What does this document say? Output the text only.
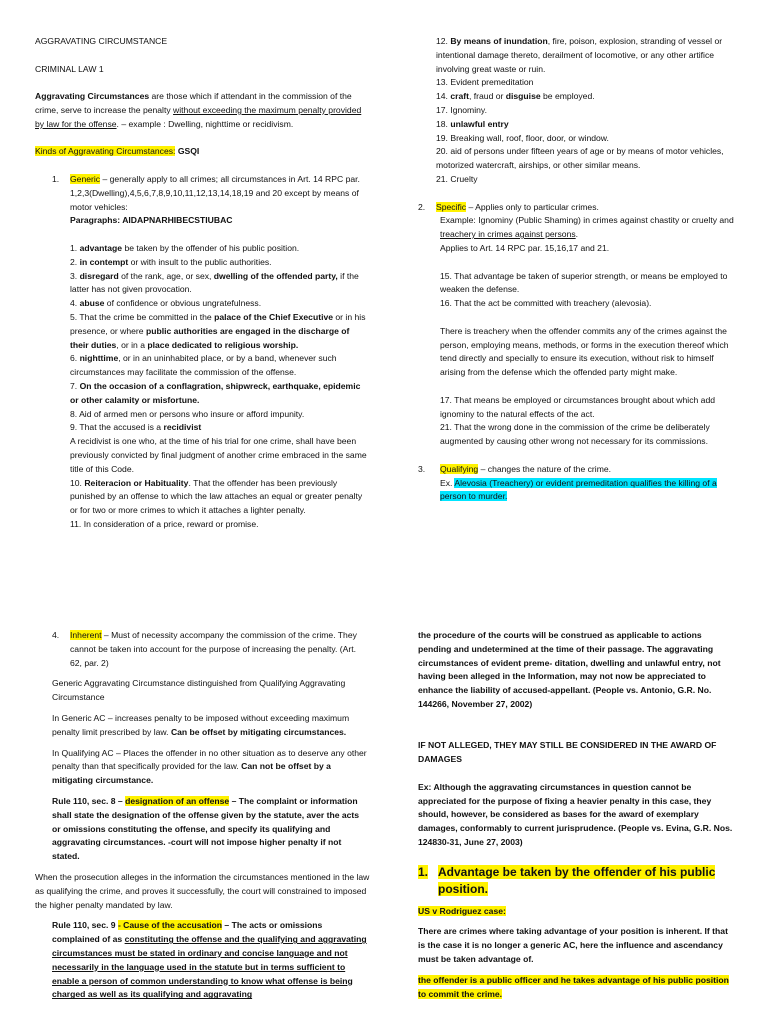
AGGRAVATING CIRCUMSTANCE

CRIMINAL LAW 1

Aggravating Circumstances are those which if attendant in the commission of the crime, serve to increase the penalty without exceeding the maximum penalty provided by law for the offense. – example : Dwelling, nighttime or recidivism.

Kinds of Aggravating Circumstances: GSQI

1. Generic – generally apply to all crimes; all circumstances in Art. 14 RPC par. 1,2,3(Dwelling),4,5,6,7,8,9,10,11,12,13,14,18,19 and 20 except by means of motor vehicles:

Paragraphs: AIDAPNARHIBECSTIUBAC

1. advantage be taken by the offender of his public position.

2. in contempt or with insult to the public authorities.

3. disregard of the rank, age, or sex, dwelling of the offended party, if the latter has not given provocation.

4. abuse of confidence or obvious ungratefulness.

5. That the crime be committed in the palace of the Chief Executive or in his presence, or where public authorities are engaged in the discharge of their duties, or in a place dedicated to religious worship.

6. nighttime, or in an uninhabited place, or by a band, whenever such circumstances may facilitate the commission of the offense.

7. On the occasion of a conflagration, shipwreck, earthquake, epidemic or other calamity or misfortune.

8. Aid of armed men or persons who insure or afford impunity.

9. That the accused is a recidivist

A recidivist is one who, at the time of his trial for one crime, shall have been previously convicted by final judgment of another crime embraced in the same title of this Code.

10. Reiteracion or Habituality. That the offender has been previously punished by an offense to which the law attaches an equal or greater penalty or for two or more crimes to which it attaches a lighter penalty.

11. In consideration of a price, reward or promise.

12. By means of inundation, fire, poison, explosion, stranding of vessel or intentional damage thereto, derailment of locomotive, or any other artifice involving great waste or ruin.

13. Evident premeditation

14. craft, fraud or disguise be employed.

17. Ignominy.

18. unlawful entry

19. Breaking wall, roof, floor, door, or window.

20. aid of persons under fifteen years of age or by means of motor vehicles, motorized watercraft, airships, or other similar means.

21. Cruelty

2. Specific – Applies only to particular crimes.

Example: Ignominy (Public Shaming) in crimes against chastity or cruelty and treachery in crimes against persons.

Applies to Art. 14 RPC par. 15,16,17 and 21.

15. That advantage be taken of superior strength, or means be employed to weaken the defense.

16. That the act be committed with treachery (alevosia).

There is treachery when the offender commits any of the crimes against the person, employing means, methods, or forms in the execution thereof which tend directly and specially to ensure its execution, without risk to himself arising from the defense which the offended party might make.

17. That means be employed or circumstances brought about which add ignominy to the natural effects of the act.

21. That the wrong done in the commission of the crime be deliberately augmented by causing other wrong not necessary for its commissions.

3. Qualifying – changes the nature of the crime.

Ex. Alevosia (Treachery) or evident premeditation qualifies the killing of a person to murder.

4. Inherent – Must of necessity accompany the commission of the crime. They cannot be taken into account for the purpose of increasing the penalty. (Art. 62, par. 2)

Generic Aggravating Circumstance distinguished from Qualifying Aggravating Circumstance

In Generic AC – increases penalty to be imposed without exceeding maximum penalty limit prescribed by law. Can be offset by mitigating circumstances.

In Qualifying AC – Places the offender in no other situation as to deserve any other penalty than that specifically provided for the law. Can not be offset by a mitigating circumstance.

Rule 110, sec. 8 – designation of an offense – The complaint or information shall state the designation of the offense given by the statute, aver the acts or omissions constituting the offense, and specify its qualifying and aggravating circumstances. -court will not impose higher penalty if not stated.

When the prosecution alleges in the information the circumstances mentioned in the law as qualifying the crime, and proves it successfully, the court will constrained to imposed the higher penalty mandated by law.

Rule 110, sec. 9 - Cause of the accusation – The acts or omissions complained of as constituting the offense and the qualifying and aggravating circumstances must be stated in ordinary and concise language and not necessarily in the language used in the statute but in terms sufficient to enable a person of common understanding to know what offense is being charged as well as its qualifying and aggravating

the procedure of the courts will be construed as applicable to actions pending and undetermined at the time of their passage. The aggravating circumstances of evident preme- ditation, dwelling and unlawful entry, not having been alleged in the Information, may not now be appreciated to enhance the liability of accused-appellant. (People vs. Antonio, G.R. No. 144266, November 27, 2002)

IF NOT ALLEGED, THEY MAY STILL BE CONSIDERED IN THE AWARD OF DAMAGES

Ex: Although the aggravating circumstances in question cannot be appreciated for the purpose of fixing a heavier penalty in this case, they should, however, be considered as bases for the award of exemplary damages, conformably to current jurisprudence. (People vs. Evina, G.R. Nos. 124830-31, June 27, 2003)

1. Advantage be taken by the offender of his public position.

US v Rodriguez case:

There are crimes where taking advantage of your position is inherent. If that is the case it is no longer a generic AC, here the influence and ascendancy must be taken advantage of.

the offender is a public officer and he takes advantage of his public position to commit the crime.
